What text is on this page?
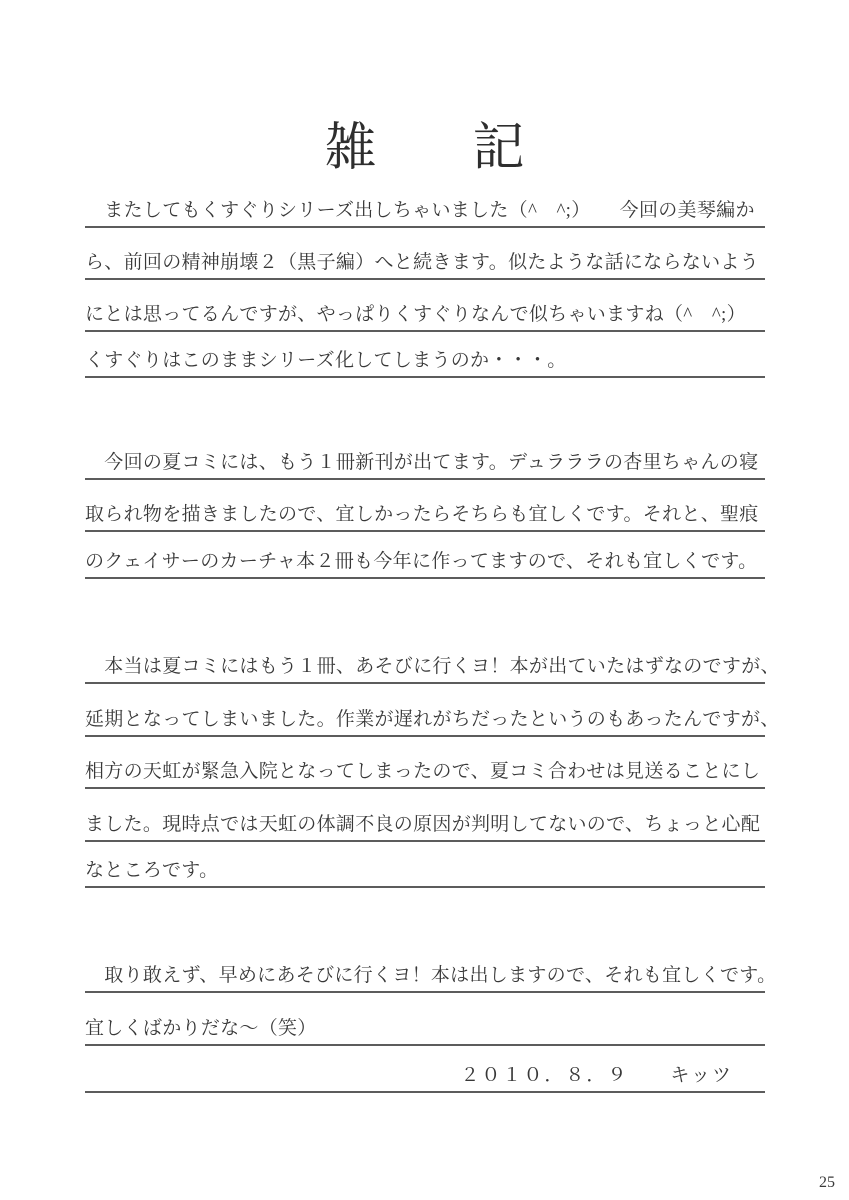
雑 記
　またしてもくすぐりシリーズ出しちゃいました（^　^;）　　今回の美琴編か
ら、前回の精神崩壊２（黒子編）へと続きます。似たような話にならないよう
にとは思ってるんですが、やっぱりくすぐりなんで似ちゃいますね（^　^;）
くすぐりはこのままシリーズ化してしまうのか・・・。
　今回の夏コミには、もう１冊新刊が出てます。デュラララの杏里ちゃんの寝
取られ物を描きましたので、宜しかったらそちらも宜しくです。それと、聖痕
のクェイサーのカーチャ本２冊も今年に作ってますので、それも宜しくです。
　本当は夏コミにはもう１冊、あそびに行くヨ！本が出ていたはずなのですが、
延期となってしまいました。作業が遅れがちだったというのもあったんですが、
相方の天虹が緊急入院となってしまったので、夏コミ合わせは見送ることにし
ました。現時点では天虹の体調不良の原因が判明してないので、ちょっと心配
なところです。
　取り敢えず、早めにあそびに行くヨ！本は出しますので、それも宜しくです。
宜しくばかりだな～（笑）
２０１０．８．９　　キッツ
25
